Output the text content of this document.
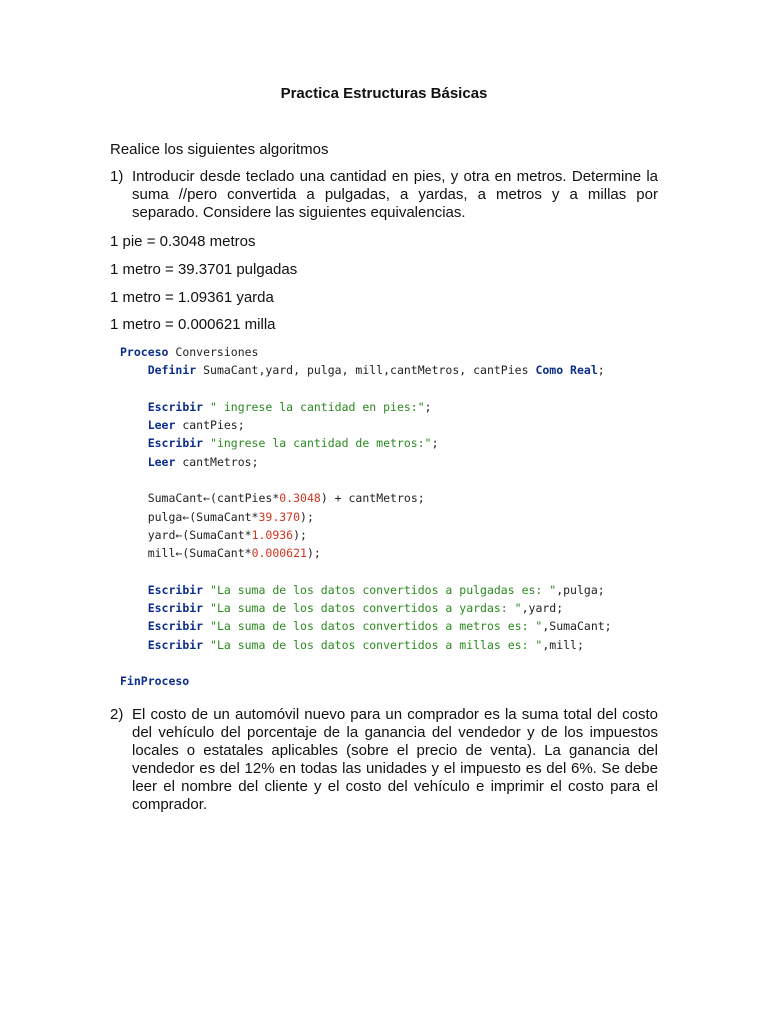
Practica Estructuras Básicas
Realice los siguientes algoritmos
1) Introducir desde teclado una cantidad en pies, y otra en metros. Determine la suma //pero convertida a pulgadas, a yardas, a metros y a millas por separado. Considere las siguientes equivalencias.
1 pie = 0.3048 metros
1 metro = 39.3701 pulgadas
1 metro = 1.09361 yarda
1 metro = 0.000621 milla
Proceso Conversiones
Definir SumaCant,yard, pulga, mill,cantMetros, cantPies Como Real;

Escribir " ingrese la cantidad en pies:";
Leer cantPies;
Escribir "ingrese la cantidad de metros:";
Leer cantMetros;

SumaCant←(cantPies*0.3048) + cantMetros;
pulga←(SumaCant*39.370);
yard←(SumaCant*1.0936);
mill←(SumaCant*0.000621);

Escribir "La suma de los datos convertidos a pulgadas es: ",pulga;
Escribir "La suma de los datos convertidos a yardas: ",yard;
Escribir "La suma de los datos convertidos a metros es: ",SumaCant;
Escribir "La suma de los datos convertidos a millas es: ",mill;

FinProceso
2) El costo de un automóvil nuevo para un comprador es la suma total del costo del vehículo del porcentaje de la ganancia del vendedor y de los impuestos locales o estatales aplicables (sobre el precio de venta). La ganancia del vendedor es del 12% en todas las unidades y el impuesto es del 6%. Se debe leer el nombre del cliente y el costo del vehículo e imprimir el costo para el comprador.
